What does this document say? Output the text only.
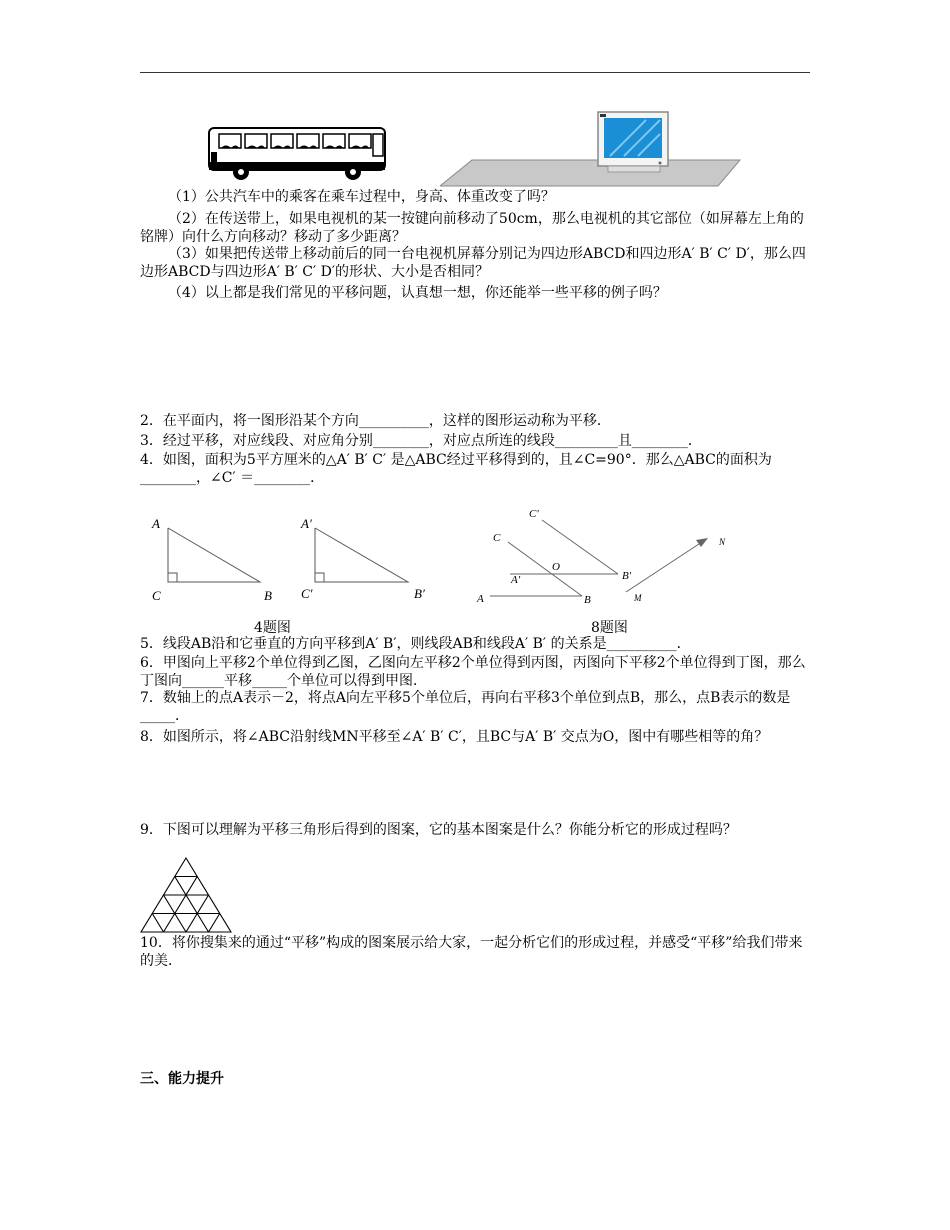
（1）公共汽车中的乘客在乘车过程中，身高、体重改变了吗？
（2）在传送带上，如果电视机的某一按键向前移动了50cm，那么电视机的其它部位（如屏幕左上角的铭牌）向什么方向移动？移动了多少距离？
（3）如果把传送带上移动前后的同一台电视机屏幕分别记为四边形ABCD和四边形A′ B′ C′ D′，那么四边形ABCD与四边形A′ B′ C′ D′的形状、大小是否相同？
（4）以上都是我们常见的平移问题，认真想一想，你还能举一些平移的例子吗？
2．在平面内，将一图形沿某个方向__________，这样的图形运动称为平移．
3．经过平移，对应线段、对应角分别________，对应点所连的线段_________且________．
4．如图，面积为5平方厘米的△A′ B′ C′ 是△ABC经过平移得到的，且∠C=90°．那么△ABC的面积为________，∠C′ ＝________．
A
C	B
A′
C′	B′
C′
C
O
A′	B′
A	B	M
N
4题图	8题图
5．线段AB沿和它垂直的方向平移到A′ B′，则线段AB和线段A′ B′ 的关系是__________．
6．甲图向上平移2个单位得到乙图，乙图向左平移2个单位得到丙图，丙图向下平移2个单位得到丁图，那么丁图向______平移_____个单位可以得到甲图．
7．数轴上的点A表示－2，将点A向左平移5个单位后，再向右平移3个单位到点B，那么，点B表示的数是_____．
8．如图所示，将∠ABC沿射线MN平移至∠A′ B′ C′，且BC与A′ B′ 交点为O，图中有哪些相等的角？
9．下图可以理解为平移三角形后得到的图案，它的基本图案是什么？你能分析它的形成过程吗？
10．将你搜集来的通过“平移”构成的图案展示给大家，一起分析它们的形成过程，并感受“平移”给我们带来的美．
三、能力提升
